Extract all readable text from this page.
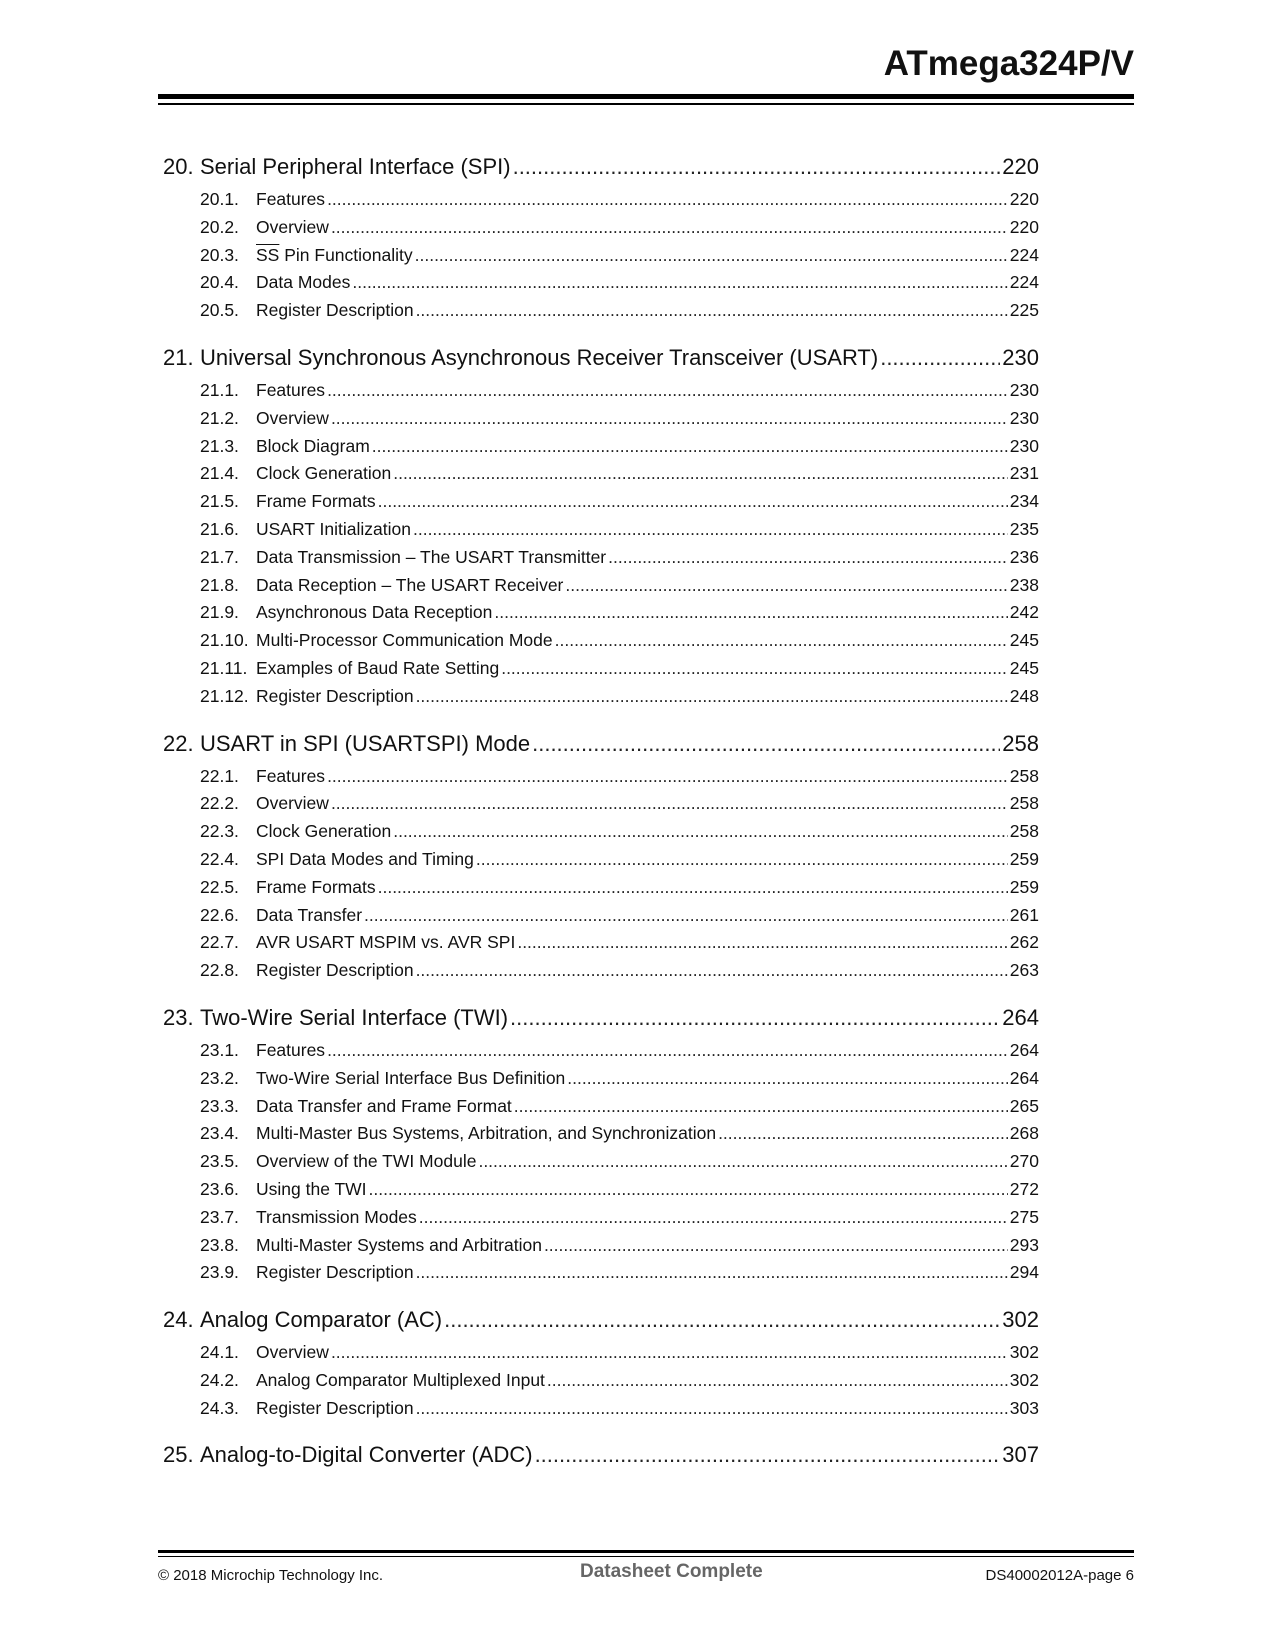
ATmega324P/V
20. Serial Peripheral Interface (SPI) .....	220
20.1. Features .....	220
20.2. Overview .....	220
20.3. $\overline{SS}$ Pin Functionality .....	224
20.4. Data Modes .....	224
20.5. Register Description .....	225
21. Universal Synchronous Asynchronous Receiver Transceiver (USART) .....	230
21.1. Features .....	230
21.2. Overview .....	230
21.3. Block Diagram .....	230
21.4. Clock Generation .....	231
21.5. Frame Formats .....	234
21.6. USART Initialization .....	235
21.7. Data Transmission – The USART Transmitter .....	236
21.8. Data Reception – The USART Receiver .....	238
21.9. Asynchronous Data Reception .....	242
21.10. Multi-Processor Communication Mode .....	245
21.11. Examples of Baud Rate Setting .....	245
21.12. Register Description .....	248
22. USART in SPI (USARTSPI) Mode .....	258
22.1. Features .....	258
22.2. Overview .....	258
22.3. Clock Generation .....	258
22.4. SPI Data Modes and Timing .....	259
22.5. Frame Formats .....	259
22.6. Data Transfer .....	261
22.7. AVR USART MSPIM vs. AVR SPI .....	262
22.8. Register Description .....	263
23. Two-Wire Serial Interface (TWI) .....	264
23.1. Features .....	264
23.2. Two-Wire Serial Interface Bus Definition .....	264
23.3. Data Transfer and Frame Format .....	265
23.4. Multi-Master Bus Systems, Arbitration, and Synchronization .....	268
23.5. Overview of the TWI Module .....	270
23.6. Using the TWI .....	272
23.7. Transmission Modes .....	275
23.8. Multi-Master Systems and Arbitration .....	293
23.9. Register Description .....	294
24. Analog Comparator (AC) .....	302
24.1. Overview .....	302
24.2. Analog Comparator Multiplexed Input .....	302
24.3. Register Description .....	303
25. Analog-to-Digital Converter (ADC) .....	307
© 2018 Microchip Technology Inc.	Datasheet Complete	DS40002012A-page 6
